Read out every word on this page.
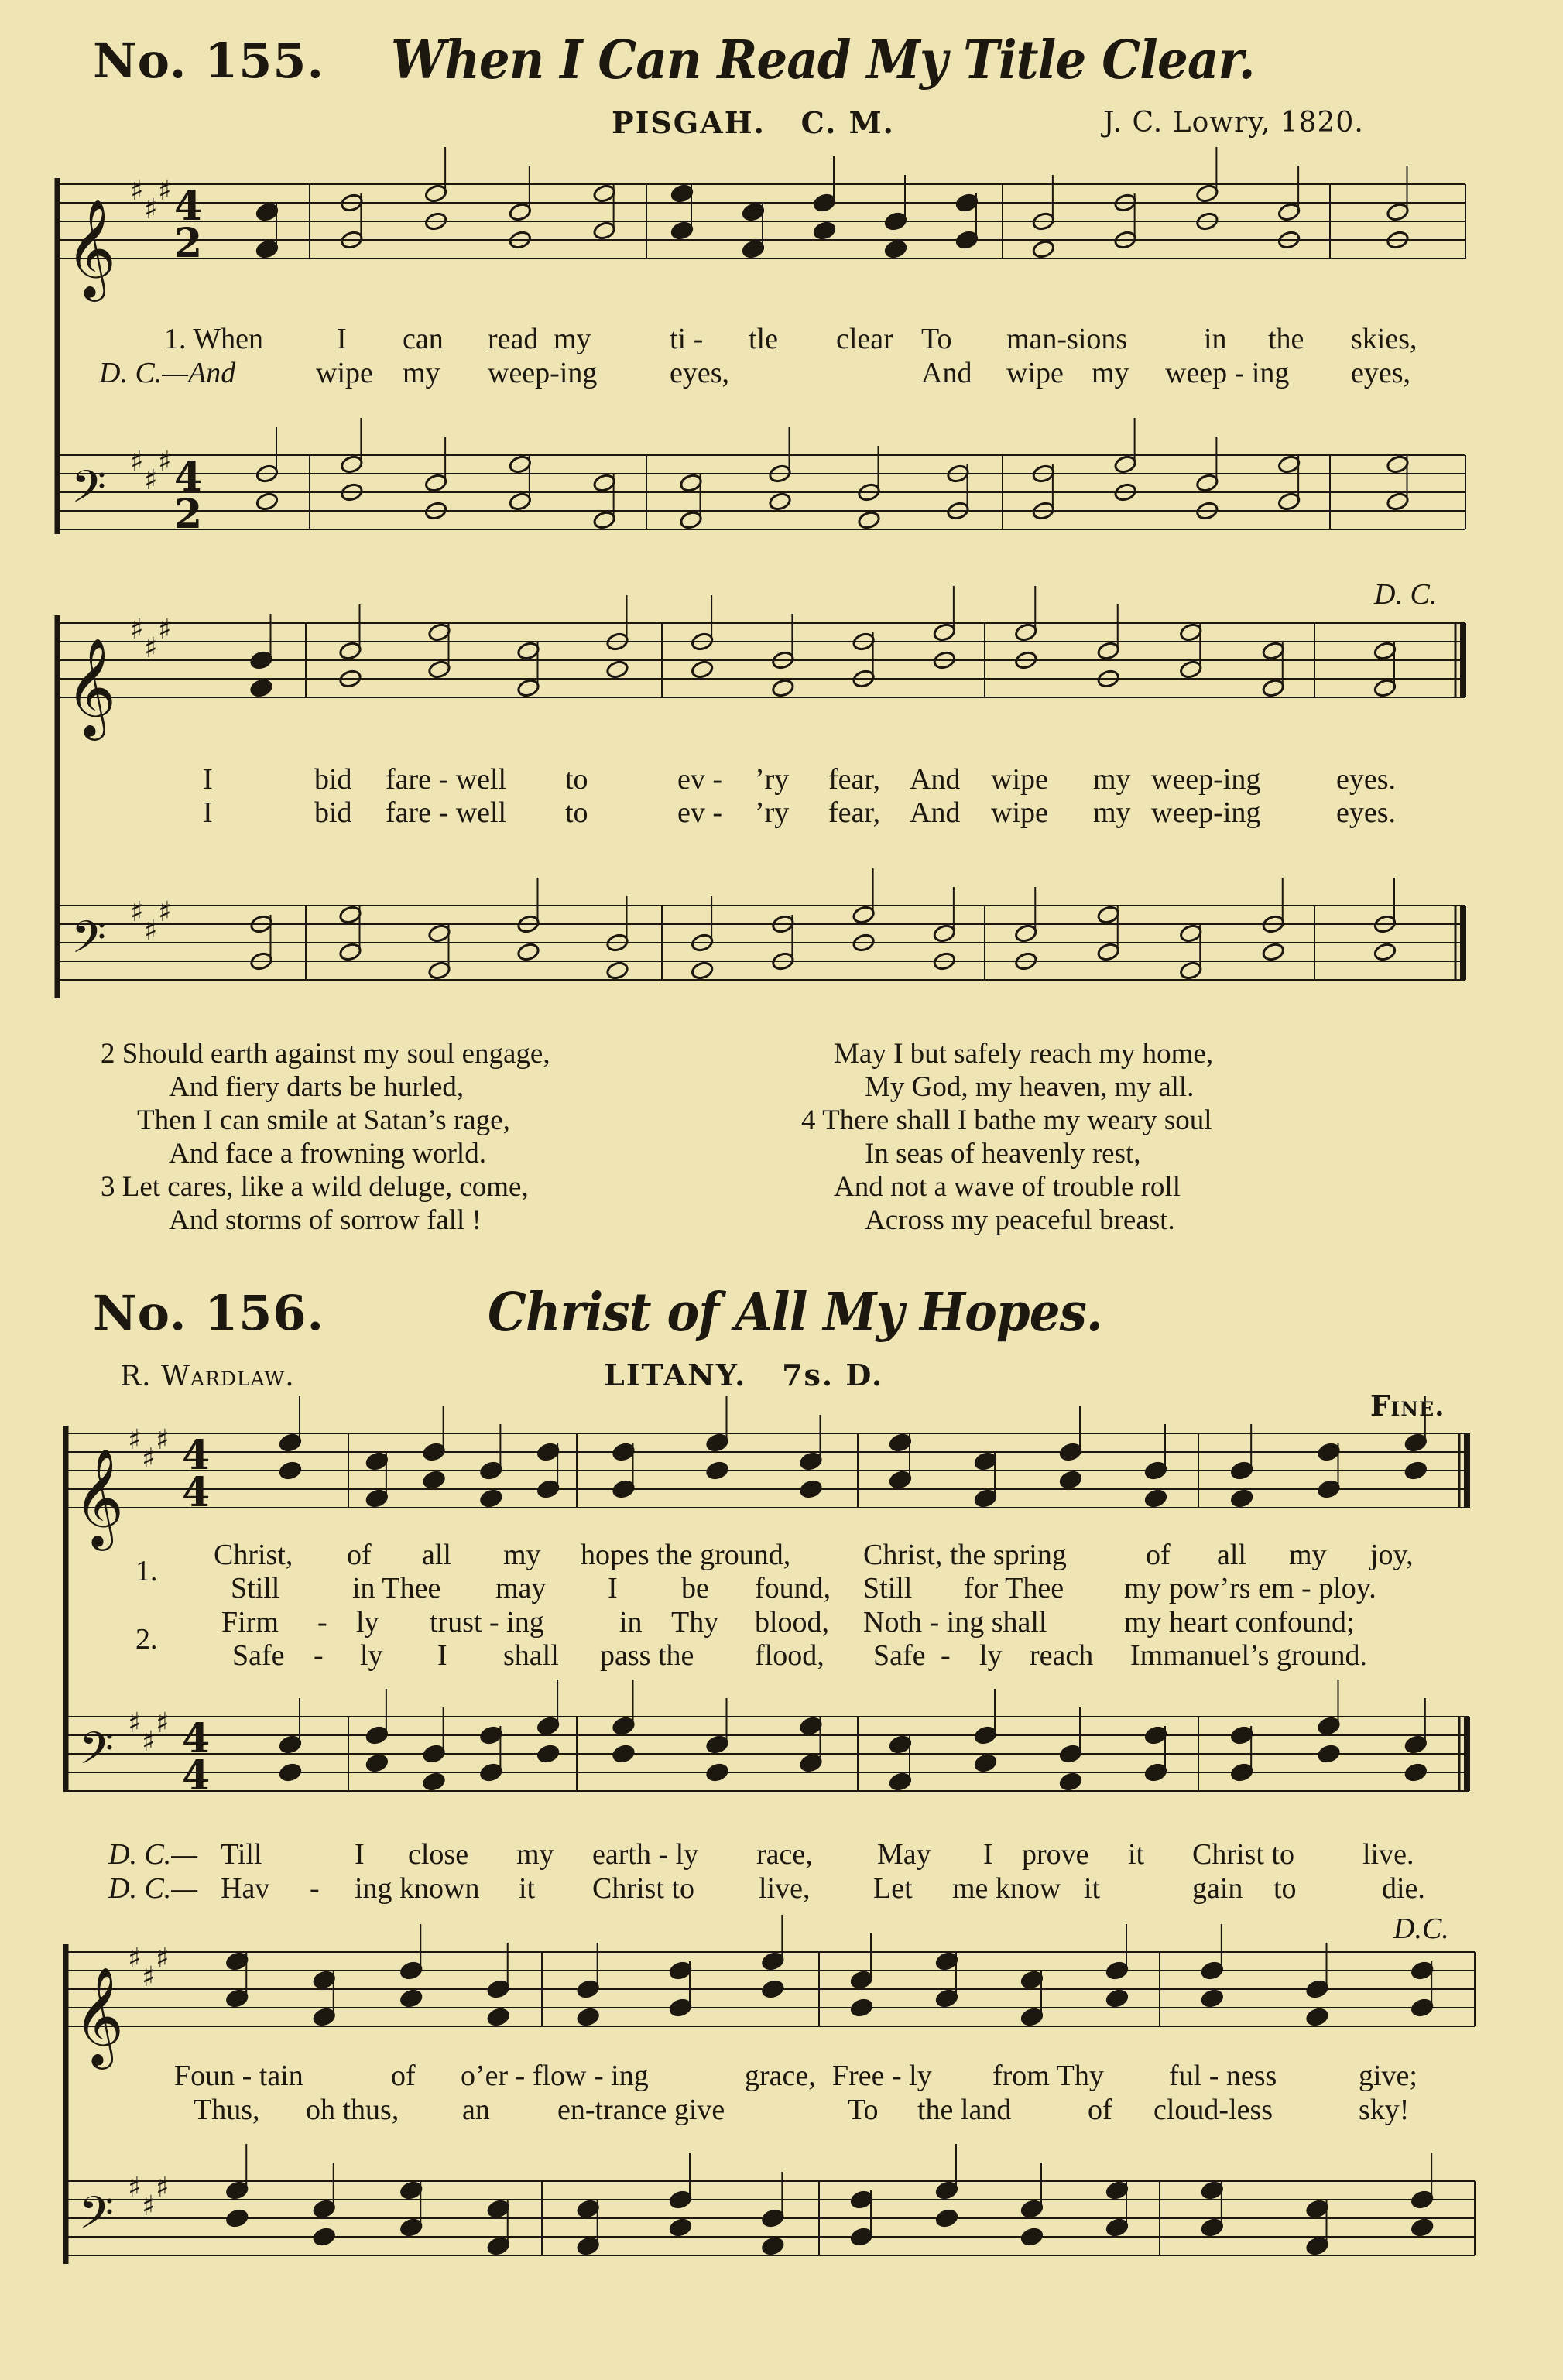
No. 155. When I Can Read My Title Clear.
PISGAH. C. M.	J. C. Lowry, 1820.
𝄞
𝄢
♯
♯
♯
♯
♯
♯
4
2
4
2
𝄞
𝄢
♯
♯
♯
♯
♯
♯
𝄞
𝄢
♯
♯
♯
♯
♯
♯
4
4
4
4
𝄞
𝄢
♯
♯
♯
♯
♯
♯
1. When I can read my	ti - tle clear To man-sions	in the skies,
D. C.—And	wipe my weep-ing eyes,	And wipe my weep - ing eyes,
D. C.
I	bid fare - well to	ev - ’ry fear, And wipe my weep-ing	eyes.
I	bid fare - well to	ev - ’ry fear, And wipe my weep-ing	eyes.
2 Should earth against my soul engage,
And fiery darts be hurled,
Then I can smile at Satan’s rage,
And face a frowning world.
3 Let cares, like a wild deluge, come,
And storms of sorrow fall !
May I but safely reach my home,
My God, my heaven, my all.
4 There shall I bathe my weary soul
In seas of heavenly rest,
And not a wave of trouble roll
Across my peaceful breast.
No. 156.	Christ of All My Hopes.
R. Wardlaw.	LITANY. 7s. D.
Fine.
1.
2.
Christ, of all my hopes the ground, Christ, the spring	of all my joy,
Still in Thee may I be found, Still for Thee my pow’rs em - ploy.
Firm - ly trust - ing	in Thy blood, Noth - ing shall	my heart confound;
Safe - ly I shall pass the flood, Safe - ly reach Immanuel’s ground.
D. C.— Till	I close my earth - ly race, May I prove it Christ to live.
D. C.— Hav - ing known it Christ to live, Let me know it	gain to	die.
D.C.
Foun - tain	of o’er - flow - ing	grace, Free - ly from Thy ful - ness	give;
Thus, oh thus, an en-trance give	To the land	of cloud-less	sky!
